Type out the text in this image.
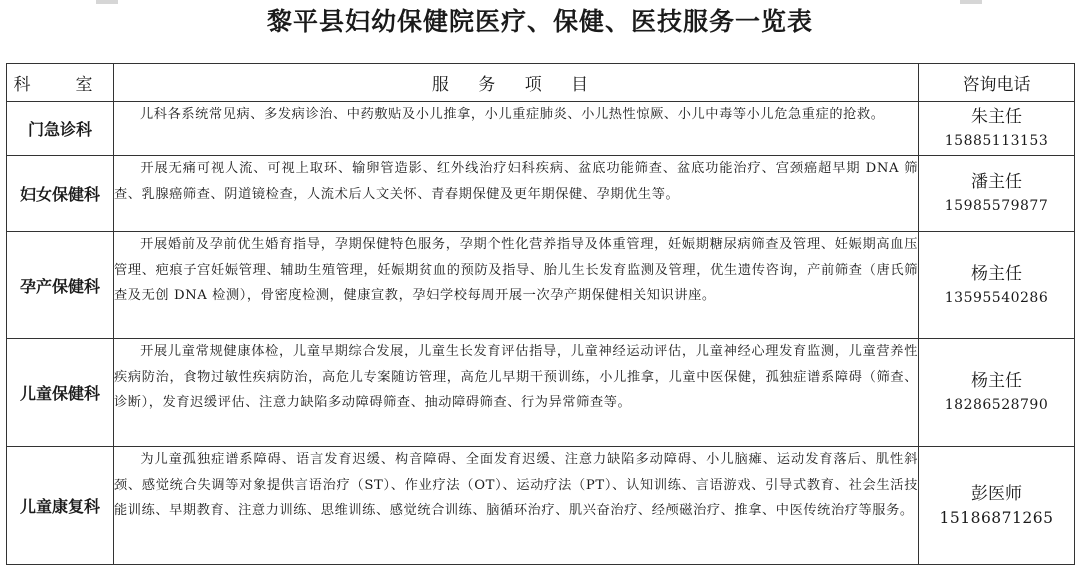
黎平县妇幼保健院医疗、保健、医技服务一览表
科　室	服 务 项 目	咨询电话
门急诊科	儿科各系统常见病、多发病诊治、中药敷贴及小儿推拿，小儿重症肺炎、小儿热性惊厥、小儿中毒等小儿危急重症的抢救。	朱主任
15885113153

妇女保健科	开展无痛可视人流、可视上取环、输卵管造影、红外线治疗妇科疾病、盆底功能筛查、盆底功能治疗、宫颈癌超早期 DNA 筛查、乳腺癌筛查、阴道镜检查，人流术后人文关怀、青春期保健及更年期保健、孕期优生等。	潘主任
15985579877

孕产保健科	开展婚前及孕前优生婚育指导，孕期保健特色服务，孕期个性化营养指导及体重管理，妊娠期糖尿病筛查及管理、妊娠期高血压管理、疤痕子宫妊娠管理、辅助生殖管理，妊娠期贫血的预防及指导、胎儿生长发育监测及管理，优生遗传咨询，产前筛查（唐氏筛查及无创 DNA 检测），骨密度检测，健康宣教，孕妇学校每周开展一次孕产期保健相关知识讲座。	杨主任
13595540286

儿童保健科	开展儿童常规健康体检，儿童早期综合发展，儿童生长发育评估指导，儿童神经运动评估，儿童神经心理发育监测，儿童营养性疾病防治，食物过敏性疾病防治，高危儿专案随访管理，高危儿早期干预训练，小儿推拿，儿童中医保健，孤独症谱系障碍（筛查、诊断），发育迟缓评估、注意力缺陷多动障碍筛查、抽动障碍筛查、行为异常筛查等。	杨主任
18286528790

儿童康复科	为儿童孤独症谱系障碍、语言发育迟缓、构音障碍、全面发育迟缓、注意力缺陷多动障碍、小儿脑瘫、运动发育落后、肌性斜颈、感觉统合失调等对象提供言语治疗（ST）、作业疗法（OT）、运动疗法（PT）、认知训练、言语游戏、引导式教育、社会生活技能训练、早期教育、注意力训练、思维训练、感觉统合训练、脑循环治疗、肌兴奋治疗、经颅磁治疗、推拿、中医传统治疗等服务。	彭医师
15186871265
